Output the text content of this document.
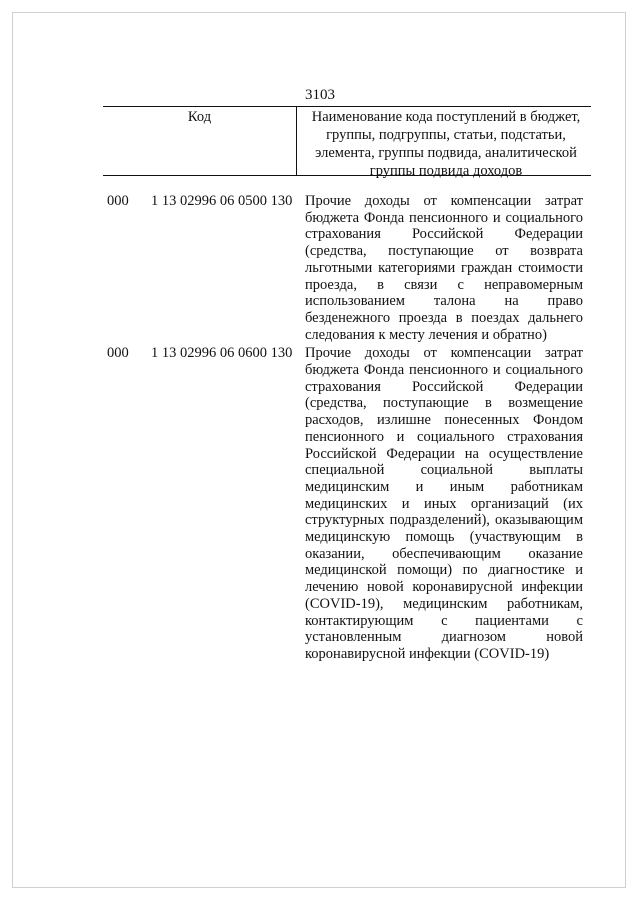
3103
Код	Наименование кода поступлений в бюджет, группы, подгруппы, статьи, подстатьи, элемента, группы подвида, аналитической группы подвида доходов
000 1 13 02996 06 0500 130 Прочие доходы от компенсации затрат бюджета Фонда пенсионного и социального страхования Российской Федерации (средства, поступающие от возврата льготными категориями граждан стоимости проезда, в связи с неправомерным использованием талона на право безденежного проезда в поездах дальнего следования к месту лечения и обратно)
000 1 13 02996 06 0600 130 Прочие доходы от компенсации затрат бюджета Фонда пенсионного и социального страхования Российской Федерации (средства, поступающие в возмещение расходов, излишне понесенных Фондом пенсионного и социального страхования Российской Федерации на осуществление специальной социальной выплаты медицинским и иным работникам медицинских и иных организаций (их структурных подразделений), оказывающим медицинскую помощь (участвующим в оказании, обеспечивающим оказание медицинской помощи) по диагностике и лечению новой коронавирусной инфекции (COVID-19), медицинским работникам, контактирующим с пациентами с установленным диагнозом новой коронавирусной инфекции (COVID-19)
